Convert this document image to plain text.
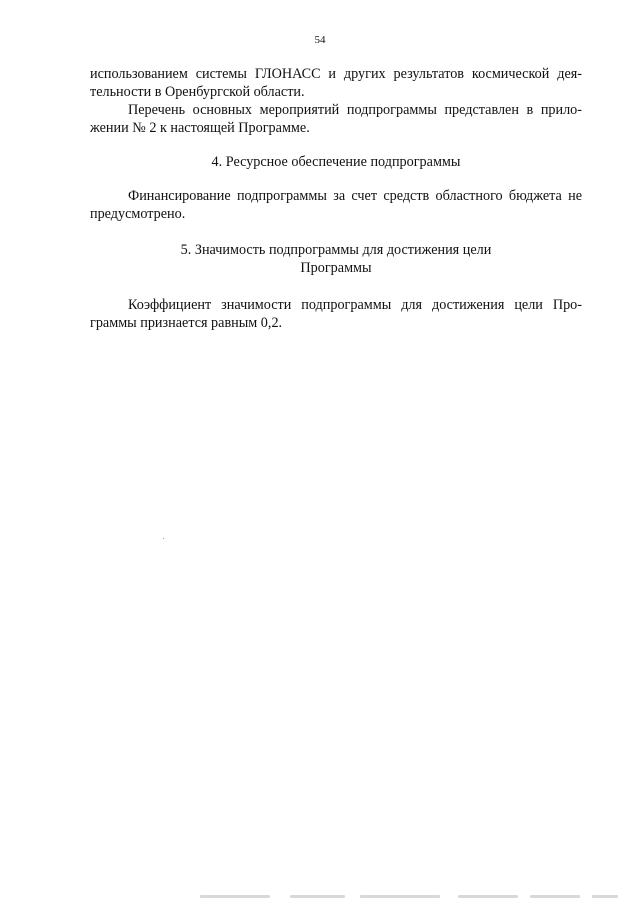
54
использованием системы ГЛОНАСС и других результатов космической дея-
тельности в Оренбургской области.
Перечень основных мероприятий подпрограммы представлен в прило-
жении № 2 к настоящей Программе.
4. Ресурсное обеспечение подпрограммы
Финансирование подпрограммы за счет средств областного бюджета не
предусмотрено.
5. Значимость подпрограммы для достижения цели
Программы
Коэффициент значимости подпрограммы для достижения цели Про-
граммы признается равным 0,2.
